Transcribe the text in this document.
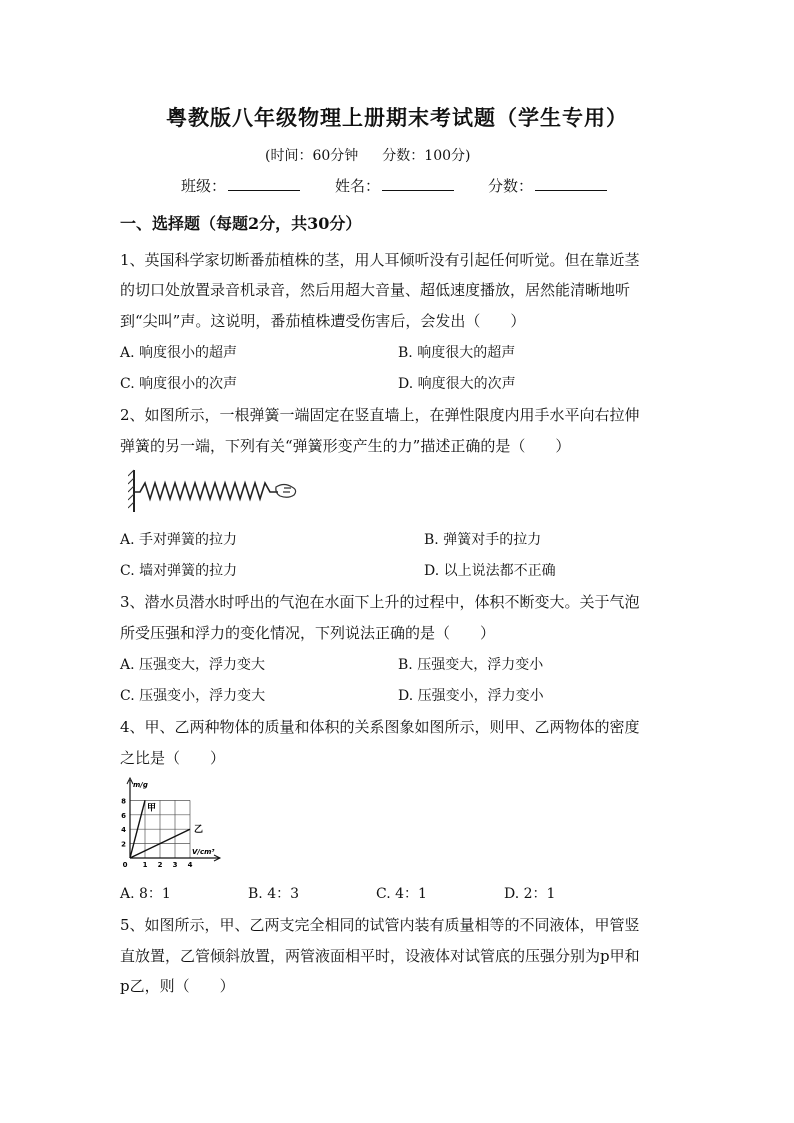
粤教版八年级物理上册期末考试题（学生专用）
(时间：60分钟 分数：100分)
班级：	姓名：	分数：
一、选择题（每题2分，共30分）
1、英国科学家切断番茄植株的茎，用人耳倾听没有引起任何听觉。但在靠近茎
的切口处放置录音机录音，然后用超大音量、超低速度播放，居然能清晰地听
到“尖叫”声。这说明，番茄植株遭受伤害后，会发出（　　）
A. 响度很小的超声	B. 响度很大的超声
C. 响度很小的次声	D. 响度很大的次声
2、如图所示，一根弹簧一端固定在竖直墙上，在弹性限度内用手水平向右拉伸
弹簧的另一端，下列有关“弹簧形变产生的力”描述正确的是（　　）
A. 手对弹簧的拉力	B. 弹簧对手的拉力
C. 墙对弹簧的拉力	D. 以上说法都不正确
3、潜水员潜水时呼出的气泡在水面下上升的过程中，体积不断变大。关于气泡
所受压强和浮力的变化情况，下列说法正确的是（　　）
A. 压强变大，浮力变大	B. 压强变大，浮力变小
C. 压强变小，浮力变大	D. 压强变小，浮力变小
4、甲、乙两种物体的质量和体积的关系图象如图所示，则甲、乙两物体的密度
之比是（　　）
m/g
V/cm³
8
6
4
2
0 1 2 3 4
甲
乙
A. 8：1	B. 4：3	C. 4：1	D. 2：1
5、如图所示，甲、乙两支完全相同的试管内装有质量相等的不同液体，甲管竖
直放置，乙管倾斜放置，两管液面相平时，设液体对试管底的压强分别为p甲和
p乙，则（　　）
